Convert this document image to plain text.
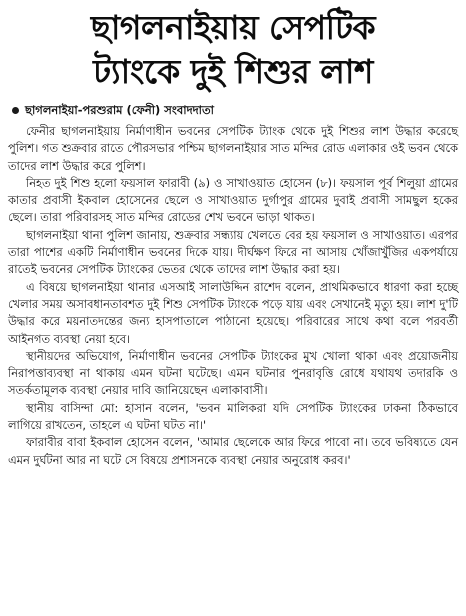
ছাগলনাইয়ায় সেপটিক
ট্যাংকে দুই শিশুর লাশ
ছাগলনাইয়া-পরশুরাম (ফেনী) সংবাদদাতা

ফেনীর ছাগলনাইয়ায় নির্মাণাধীন ভবনের সেপটিক ট্যাংক থেকে দুই শিশুর লাশ উদ্ধার করেছে পুলিশ। গত শুক্রবার রাতে পৌরসভার পশ্চিম ছাগলনাইয়ার সাত মন্দির রোড এলাকার ওই ভবন থেকে তাদের লাশ উদ্ধার করে পুলিশ।

নিহত দুই শিশু হলো ফয়সাল ফারাবী (৯) ও সাখাওয়াত হোসেন (৮)। ফয়সাল পূর্ব শিলুয়া গ্রামের কাতার প্রবাসী ইকবাল হোসেনের ছেলে ও সাখাওয়াত দুর্গাপুর গ্রামের দুবাই প্রবাসী সামছুল হকের ছেলে। তারা পরিবারসহ সাত মন্দির রোডের শেখ ভবনে ভাড়া থাকত।

ছাগলনাইয়া থানা পুলিশ জানায়, শুক্রবার সন্ধ্যায় খেলতে বের হয় ফয়সাল ও সাখাওয়াত। এরপর তারা পাশের একটি নির্মাণাধীন ভবনের দিকে যায়। দীর্ঘক্ষণ ফিরে না আসায় খোঁজাখুঁজির একপর্যায়ে রাতেই ভবনের সেপটিক ট্যাংকের ভেতর থেকে তাদের লাশ উদ্ধার করা হয়।

এ বিষয়ে ছাগলনাইয়া থানার এসআই সালাউদ্দিন রাশেদ বলেন, প্রাথমিকভাবে ধারণা করা হচ্ছে খেলার সময় অসাবধানতাবশত দুই শিশু সেপটিক ট্যাংকে পড়ে যায় এবং সেখানেই মৃত্যু হয়। লাশ দু'টি উদ্ধার করে ময়নাতদন্তের জন্য হাসপাতালে পাঠানো হয়েছে। পরিবারের সাথে কথা বলে পরবর্তী আইনগত ব্যবস্থা নেয়া হবে।

স্থানীয়দের অভিযোগ, নির্মাণাধীন ভবনের সেপটিক ট্যাংকের মুখ খোলা থাকা এবং প্রয়োজনীয় নিরাপত্তাব্যবস্থা না থাকায় এমন ঘটনা ঘটেছে। এমন ঘটনার পুনরাবৃত্তি রোধে যথাযথ তদারকি ও সতর্কতামূলক ব্যবস্থা নেয়ার দাবি জানিয়েছেন এলাকাবাসী।

স্থানীয় বাসিন্দা মো: হাসান বলেন, 'ভবন মালিকরা যদি সেপটিক ট্যাংকের ঢাকনা ঠিকভাবে লাগিয়ে রাখতেন, তাহলে এ ঘটনা ঘটত না।'

ফারাবীর বাবা ইকবাল হোসেন বলেন, 'আমার ছেলেকে আর ফিরে পাবো না। তবে ভবিষ্যতে যেন এমন দুর্ঘটনা আর না ঘটে সে বিষয়ে প্রশাসনকে ব্যবস্থা নেয়ার অনুরোধ করব।'
